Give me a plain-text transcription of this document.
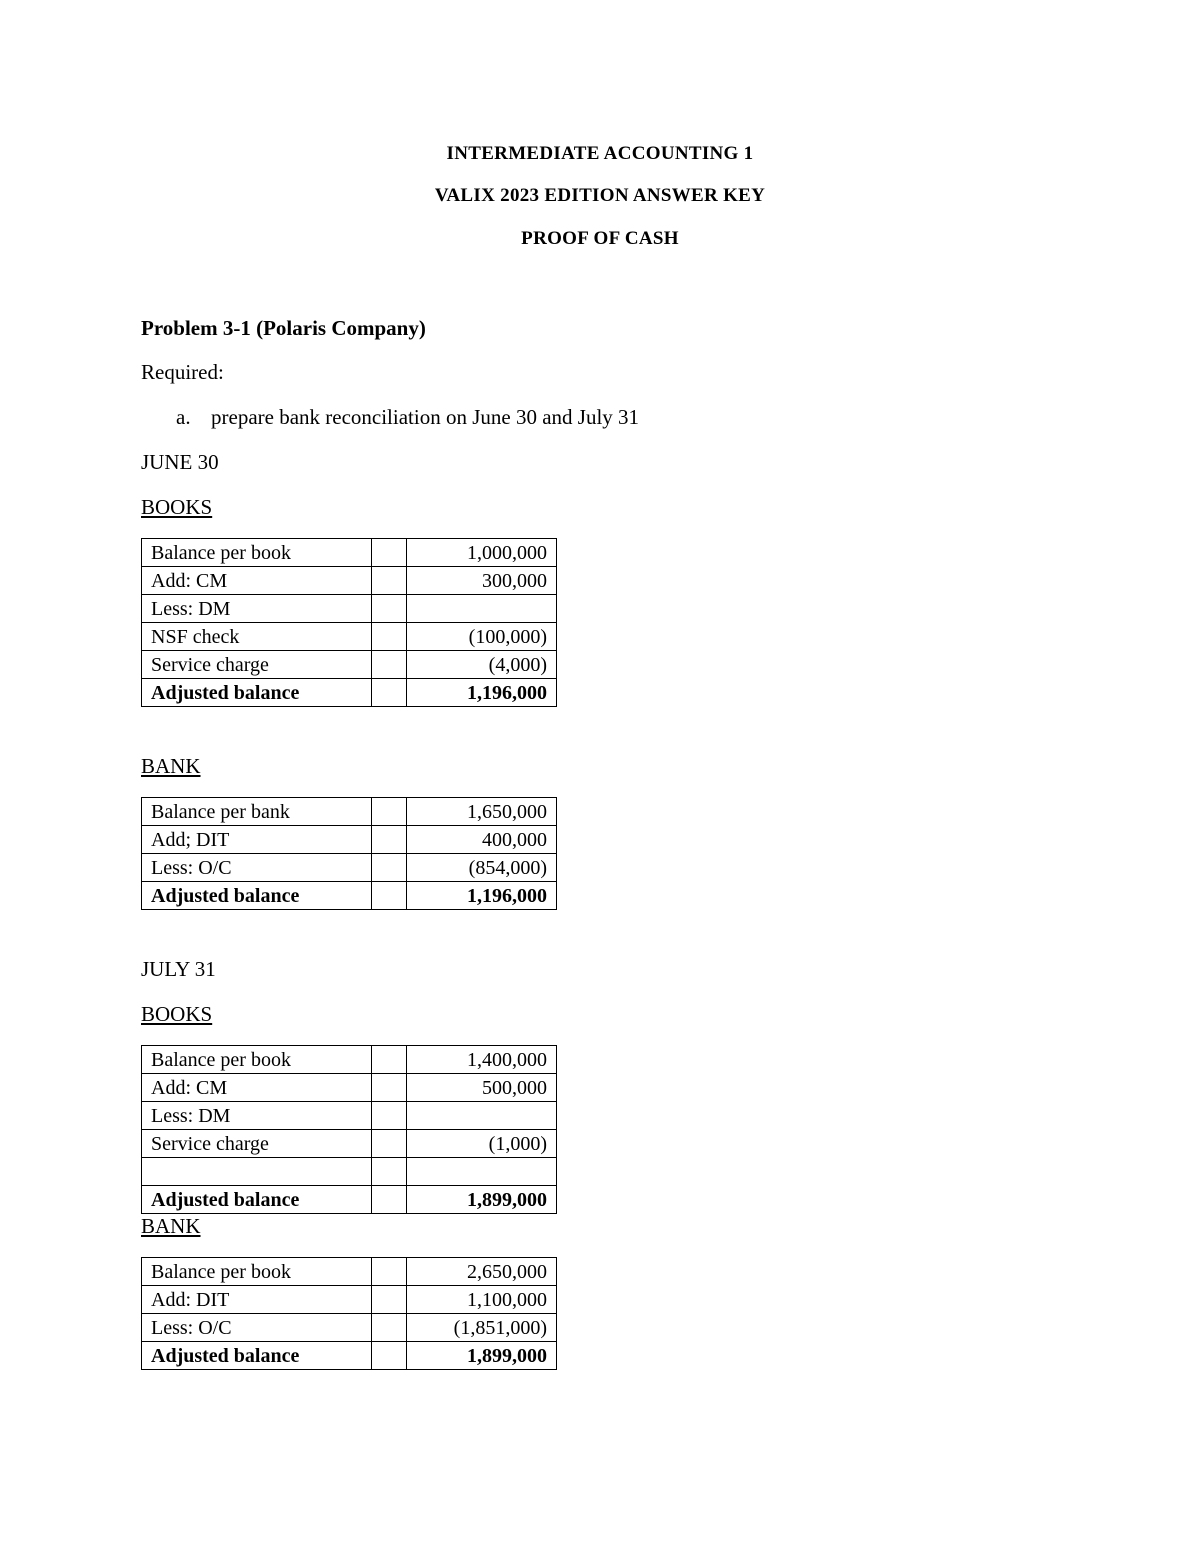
INTERMEDIATE ACCOUNTING 1
VALIX 2023 EDITION ANSWER KEY
PROOF OF CASH
Problem 3-1 (Polaris Company)
Required:
a. prepare bank reconciliation on June 30 and July 31
JUNE 30
BOOKS
Balance per book		1,000,000
Add: CM		300,000
Less: DM		
NSF check		(100,000)
Service charge		(4,000)
Adjusted balance		1,196,000
BANK
Balance per bank		1,650,000
Add; DIT		400,000
Less: O/C		(854,000)
Adjusted balance		1,196,000
JULY 31
BOOKS
Balance per book		1,400,000
Add: CM		500,000
Less: DM		
Service charge		(1,000)

Adjusted balance		1,899,000
BANK
Balance per book		2,650,000
Add: DIT		1,100,000
Less: O/C		(1,851,000)
Adjusted balance		1,899,000
